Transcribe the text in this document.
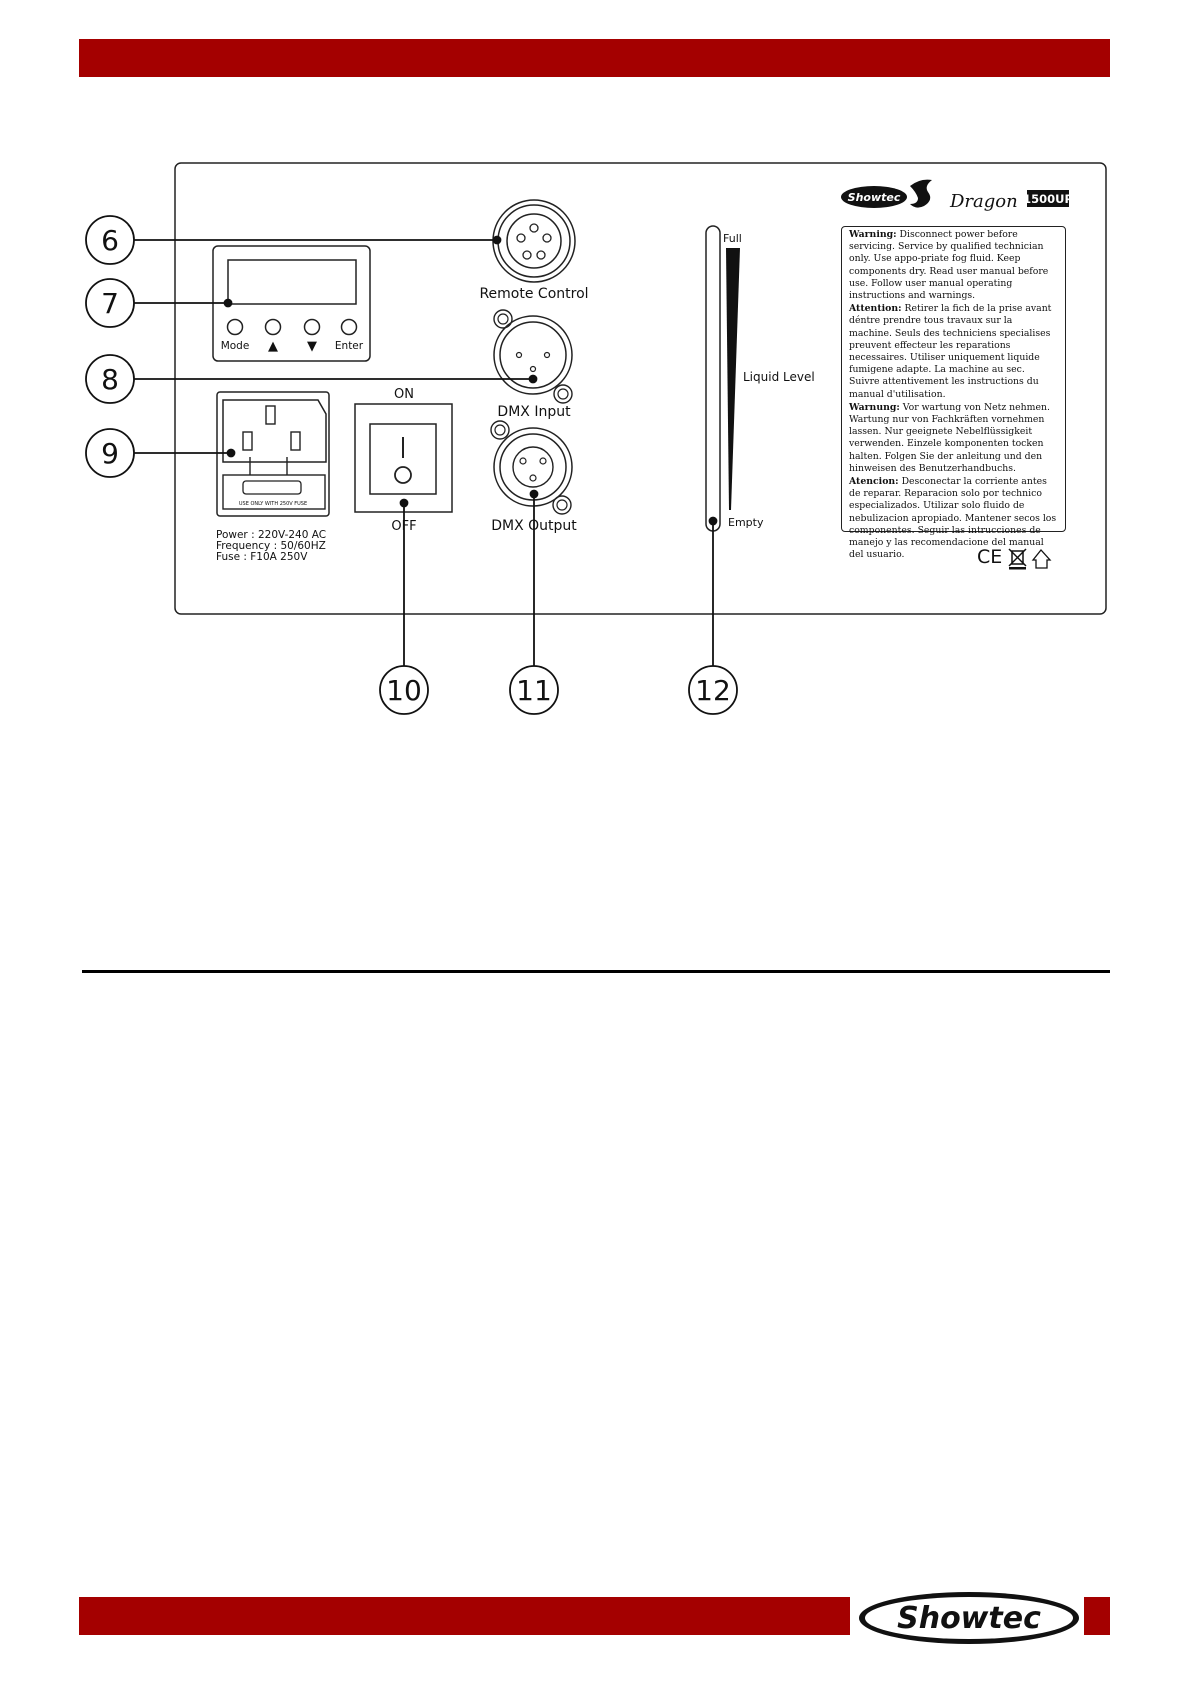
Mode ▲ ▼ Enter
Remote Control
DMX Input
DMX Output
USE ONLY WITH 250V FUSE
Power : 220V-240 AC
Frequency : 50/60HZ
Fuse : F10A 250V
ON
OFF
Full
Liquid Level
Empty
Showtec	Dragon 1500UP
CE
6
7
8
9
10	11	12

Warning: Disconnect power before servicing. Service by qualified technician only. Use appo-priate fog fluid. Keep components dry. Read user manual before use. Follow user manual operating instructions and warnings.

Attention: Retirer la fich de la prise avant déntre prendre tous travaux sur la machine. Seuls des techniciens specialises preuvent effecteur les reparations necessaires. Utiliser uniquement liquide fumigene adapte. La machine au sec. Suivre attentivement les instructions du manual d'utilisation.

Warnung: Vor wartung von Netz nehmen. Wartung nur von Fachkräften vornehmen lassen. Nur geeignete Nebelflüssigkeit verwenden. Einzele komponenten tocken halten. Folgen Sie der anleitung und den hinweisen des Benutzerhandbuchs.

Atencion: Desconectar la corriente antes de reparar. Reparacion solo por technico especializados. Utilizar solo fluido de nebulizacion apropiado. Mantener secos los componentes. Seguir las intrucciones de manejo y las recomendacione del manual del usuario.

Showtec
